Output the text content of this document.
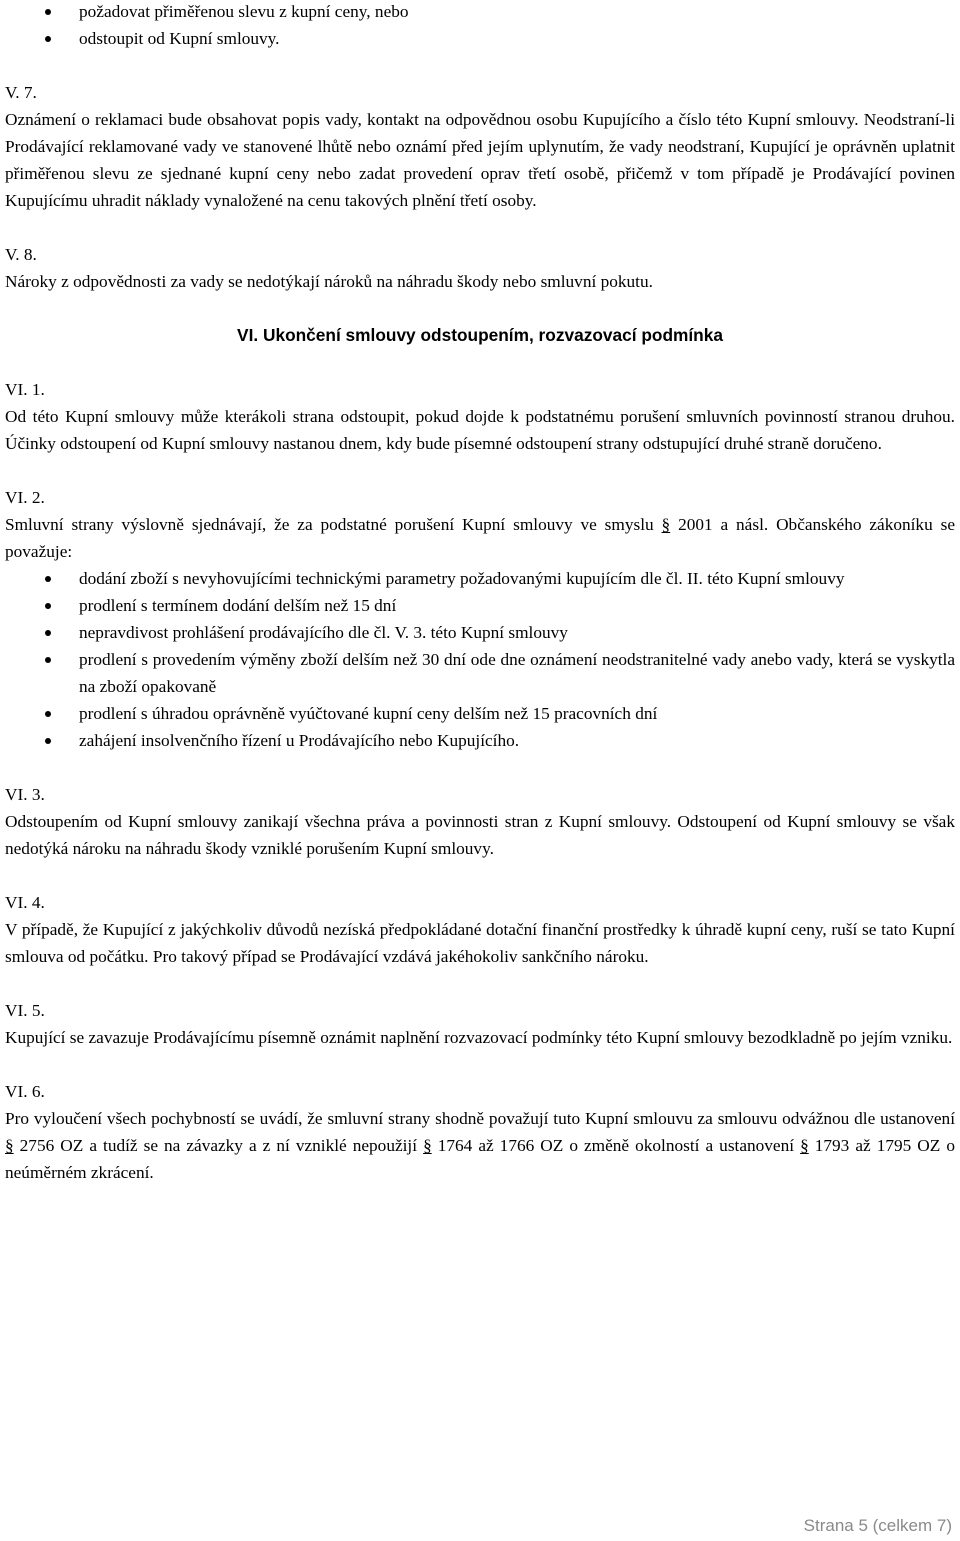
požadovat přiměřenou slevu z kupní ceny, nebo
odstoupit od Kupní smlouvy.

V. 7.

Oznámení o reklamaci bude obsahovat popis vady, kontakt na odpovědnou osobu Kupujícího a číslo této Kupní smlouvy. Neodstraní-li Prodávající reklamované vady ve stanovené lhůtě nebo oznámí před jejím uplynutím, že vady neodstraní, Kupující je oprávněn uplatnit přiměřenou slevu ze sjednané kupní ceny nebo zadat provedení oprav třetí osobě, přičemž v tom případě je Prodávající povinen Kupujícímu uhradit náklady vynaložené na cenu takových plnění třetí osoby.

V. 8.

Nároky z odpovědnosti za vady se nedotýkají nároků na náhradu škody nebo smluvní pokutu.

VI. Ukončení smlouvy odstoupením, rozvazovací podmínka

VI. 1.

Od této Kupní smlouvy může kterákoli strana odstoupit, pokud dojde k podstatnému porušení smluvních povinností stranou druhou. Účinky odstoupení od Kupní smlouvy nastanou dnem, kdy bude písemné odstoupení strany odstupující druhé straně doručeno.

VI. 2.

Smluvní strany výslovně sjednávají, že za podstatné porušení Kupní smlouvy ve smyslu § 2001 a násl. Občanského zákoníku se považuje:

dodání zboží s nevyhovujícími technickými parametry požadovanými kupujícím dle čl. II. této Kupní smlouvy
prodlení s termínem dodání delším než 15 dní
nepravdivost prohlášení prodávajícího dle čl. V. 3. této Kupní smlouvy
prodlení s provedením výměny zboží delším než 30 dní ode dne oznámení neodstranitelné vady anebo vady, která se vyskytla na zboží opakovaně
prodlení s úhradou oprávněně vyúčtované kupní ceny delším než 15 pracovních dní
zahájení insolvenčního řízení u Prodávajícího nebo Kupujícího.

VI. 3.

Odstoupením od Kupní smlouvy zanikají všechna práva a povinnosti stran z Kupní smlouvy. Odstoupení od Kupní smlouvy se však nedotýká nároku na náhradu škody vzniklé porušením Kupní smlouvy.

VI. 4.

V případě, že Kupující z jakýchkoliv důvodů nezíská předpokládané dotační finanční prostředky k úhradě kupní ceny, ruší se tato Kupní smlouva od počátku. Pro takový případ se Prodávající vzdává jakéhokoliv sankčního nároku.

VI. 5.

Kupující se zavazuje Prodávajícímu písemně oznámit naplnění rozvazovací podmínky této Kupní smlouvy bezodkladně po jejím vzniku.

VI. 6.

Pro vyloučení všech pochybností se uvádí, že smluvní strany shodně považují tuto Kupní smlouvu za smlouvu odvážnou dle ustanovení § 2756 OZ a tudíž se na závazky a z ní vzniklé nepoužijí § 1764 až 1766 OZ o změně okolností a ustanovení § 1793 až 1795 OZ o neúměrném zkrácení.

Strana 5 (celkem 7)
